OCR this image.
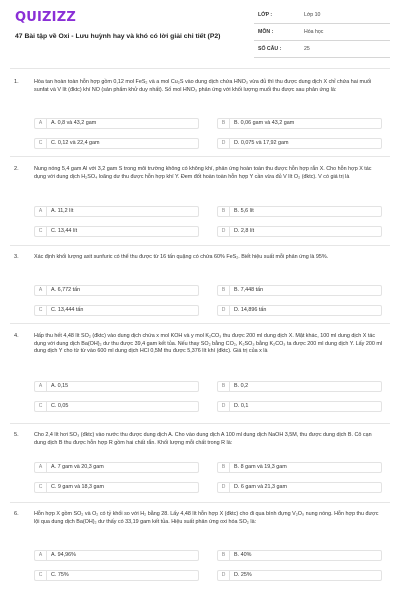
QUIZIZZ
47 Bài tập về Oxi - Lưu huỳnh hay và khó có lời giải chi tiết (P2)
LỚP :	Lớp 10
MÔN :	Hóa học
SỐ CÂU :	25
1.	Hòa tan hoàn toàn hỗn hợp gồm 0,12 mol FeS₂ và a mol Cu₂S vào dung dịch chứa HNO₃ vừa đủ thì thu được dung dịch X chỉ chứa hai muối sunfat và V lít (đktc) khí NO (sản phẩm khử duy nhất). Số mol HNO₃ phản ứng với khối lượng muối thu được sau phản ứng là:
A	A. 0,8 và 43,2 gam	B	B. 0,06 gam và 43,2 gam
C	C. 0,12 và 22,4 gam	D	D. 0,075 và 17,92 gam
2.	Nung nóng 5,4 gam Al với 3,2 gam S trong môi trường không có không khí, phản ứng hoàn toàn thu được hỗn hợp rắn X. Cho hỗn hợp X tác dụng với dung dịch H₂SO₄ loãng dư thu được hỗn hợp khí Y. Đem đốt hoàn toàn hỗn hợp Y cần vừa đủ V lít O₂ (đktc). V có giá trị là
A	A. 11,2 lít	B	B. 5,6 lít
C	C. 13,44 lít	D	D. 2,8 lít
3.	Xác định khối lượng axit sunfuric có thể thu được từ 16 tấn quặng có chứa 60% FeS₂. Biết hiệu suất mỗi phản ứng là 95%.
A	A. 6,772 tấn	B	B. 7,448 tấn
C	C. 13,444 tấn	D	D. 14,896 tấn
4.	Hấp thu hết 4,48 lít SO₂ (đktc) vào dung dịch chứa x mol KOH và y mol K₂CO₃ thu được 200 ml dung dịch X. Mặt khác, 100 ml dung dịch X tác dụng với dung dịch Ba(OH)₂ dư thu được 39,4 gam kết tủa. Nếu thay SO₂ bằng CO₂, K₂SO₃ bằng K₂CO₃ ta được 200 ml dung dịch Y. Lấy 200 ml dung dịch Y cho từ từ vào 600 ml dung dịch HCl 0,5M thu được 5,376 lít khí (đktc). Giá trị của x là
A	A. 0,15	B	B. 0,2
C	C. 0,05	D	D. 0,1
5.	Cho 2,4 lít hơi SO₃ (đktc) vào nước thu được dung dịch A. Cho vào dung dịch A 100 ml dung dịch NaOH 3,5M, thu được dung dịch B. Cô cạn dung dịch B thu được hỗn hợp R gồm hai chất rắn. Khối lượng mỗi chất trong R là:
A	A. 7 gam và 20,3 gam	B	B. 8 gam và 19,3 gam
C	C. 9 gam và 18,3 gam	D	D. 6 gam và 21,3 gam
6.	Hỗn hợp X gồm SO₂ và O₂ có tỷ khối so với H₂ bằng 28. Lấy 4,48 lít hỗn hợp X (đktc) cho đi qua bình đựng V₂O₅ nung nóng. Hỗn hợp thu được lội qua dung dịch Ba(OH)₂ dư thấy có 33,19 gam kết tủa. Hiệu suất phản ứng oxi hóa SO₂ là:
A	A. 94,96%	B	B. 40%
C	C. 75%	D	D. 25%
